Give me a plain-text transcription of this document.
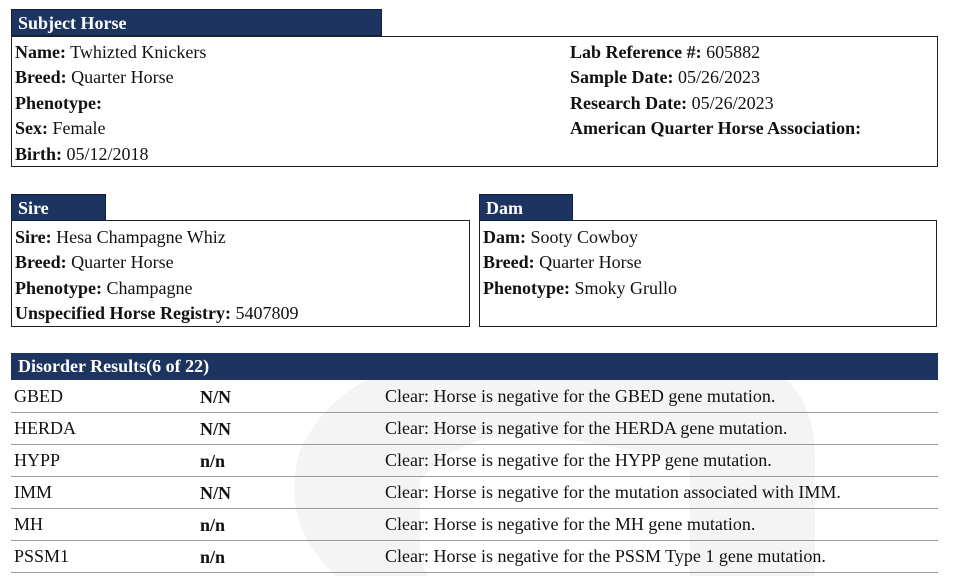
Subject Horse
Name: Twhizted Knickers
Breed: Quarter Horse
Phenotype:
Sex: Female
Birth: 05/12/2018
Lab Reference #: 605882
Sample Date: 05/26/2023
Research Date: 05/26/2023
American Quarter Horse Association:
Sire
Sire: Hesa Champagne Whiz
Breed: Quarter Horse
Phenotype: Champagne
Unspecified Horse Registry: 5407809
Dam
Dam: Sooty Cowboy
Breed: Quarter Horse
Phenotype: Smoky Grullo
Disorder Results(6 of 22)
GBED	N/N	Clear: Horse is negative for the GBED gene mutation.
HERDA	N/N	Clear: Horse is negative for the HERDA gene mutation.
HYPP	n/n	Clear: Horse is negative for the HYPP gene mutation.
IMM	N/N	Clear: Horse is negative for the mutation associated with IMM.
MH	n/n	Clear: Horse is negative for the MH gene mutation.
PSSM1	n/n	Clear: Horse is negative for the PSSM Type 1 gene mutation.
